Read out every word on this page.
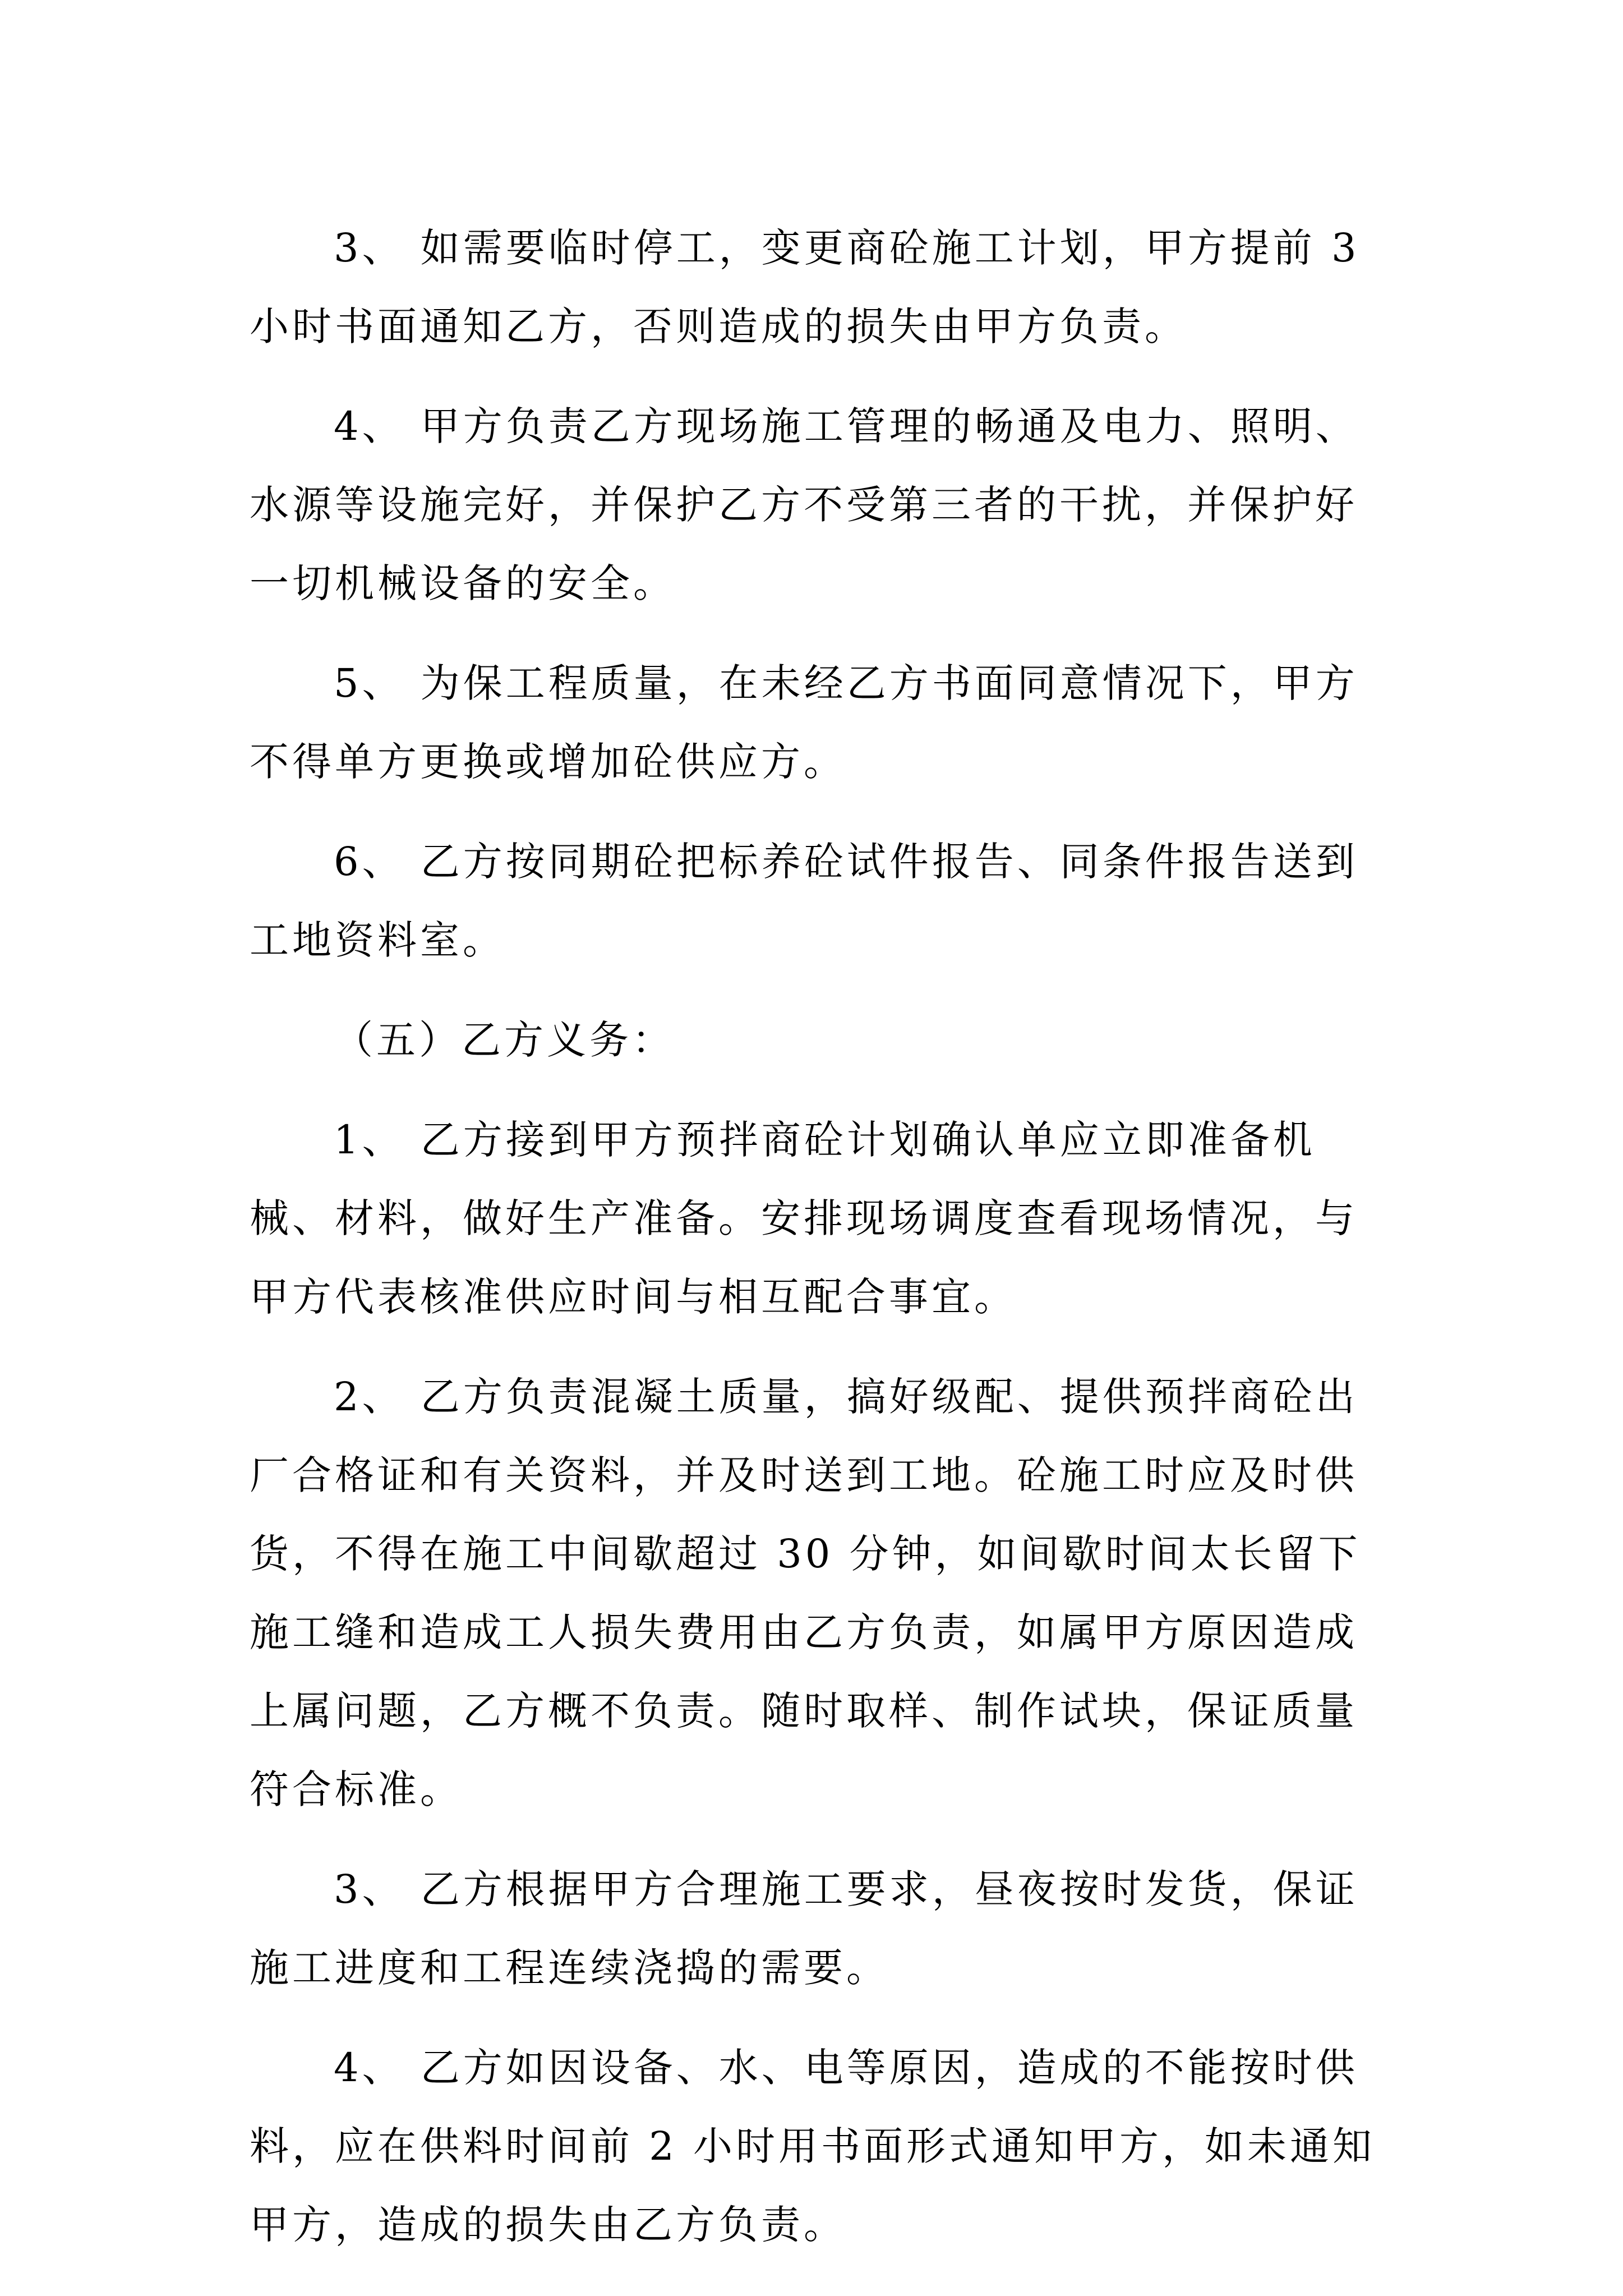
3、 如需要临时停工，变更商砼施工计划，甲方提前 3
小时书面通知乙方，否则造成的损失由甲方负责。
4、 甲方负责乙方现场施工管理的畅通及电力、照明、
水源等设施完好，并保护乙方不受第三者的干扰，并保护好
一切机械设备的安全。
5、 为保工程质量，在未经乙方书面同意情况下，甲方
不得单方更换或增加砼供应方。
6、 乙方按同期砼把标养砼试件报告、同条件报告送到
工地资料室。
（五）乙方义务：
1、 乙方接到甲方预拌商砼计划确认单应立即准备机
械、材料，做好生产准备。安排现场调度查看现场情况，与
甲方代表核准供应时间与相互配合事宜。
2、 乙方负责混凝土质量，搞好级配、提供预拌商砼出
厂合格证和有关资料，并及时送到工地。砼施工时应及时供
货，不得在施工中间歇超过 30 分钟，如间歇时间太长留下
施工缝和造成工人损失费用由乙方负责，如属甲方原因造成
上属问题，乙方概不负责。随时取样、制作试块，保证质量
符合标准。
3、 乙方根据甲方合理施工要求，昼夜按时发货，保证
施工进度和工程连续浇捣的需要。
4、 乙方如因设备、水、电等原因，造成的不能按时供
料，应在供料时间前 2 小时用书面形式通知甲方，如未通知
甲方，造成的损失由乙方负责。
